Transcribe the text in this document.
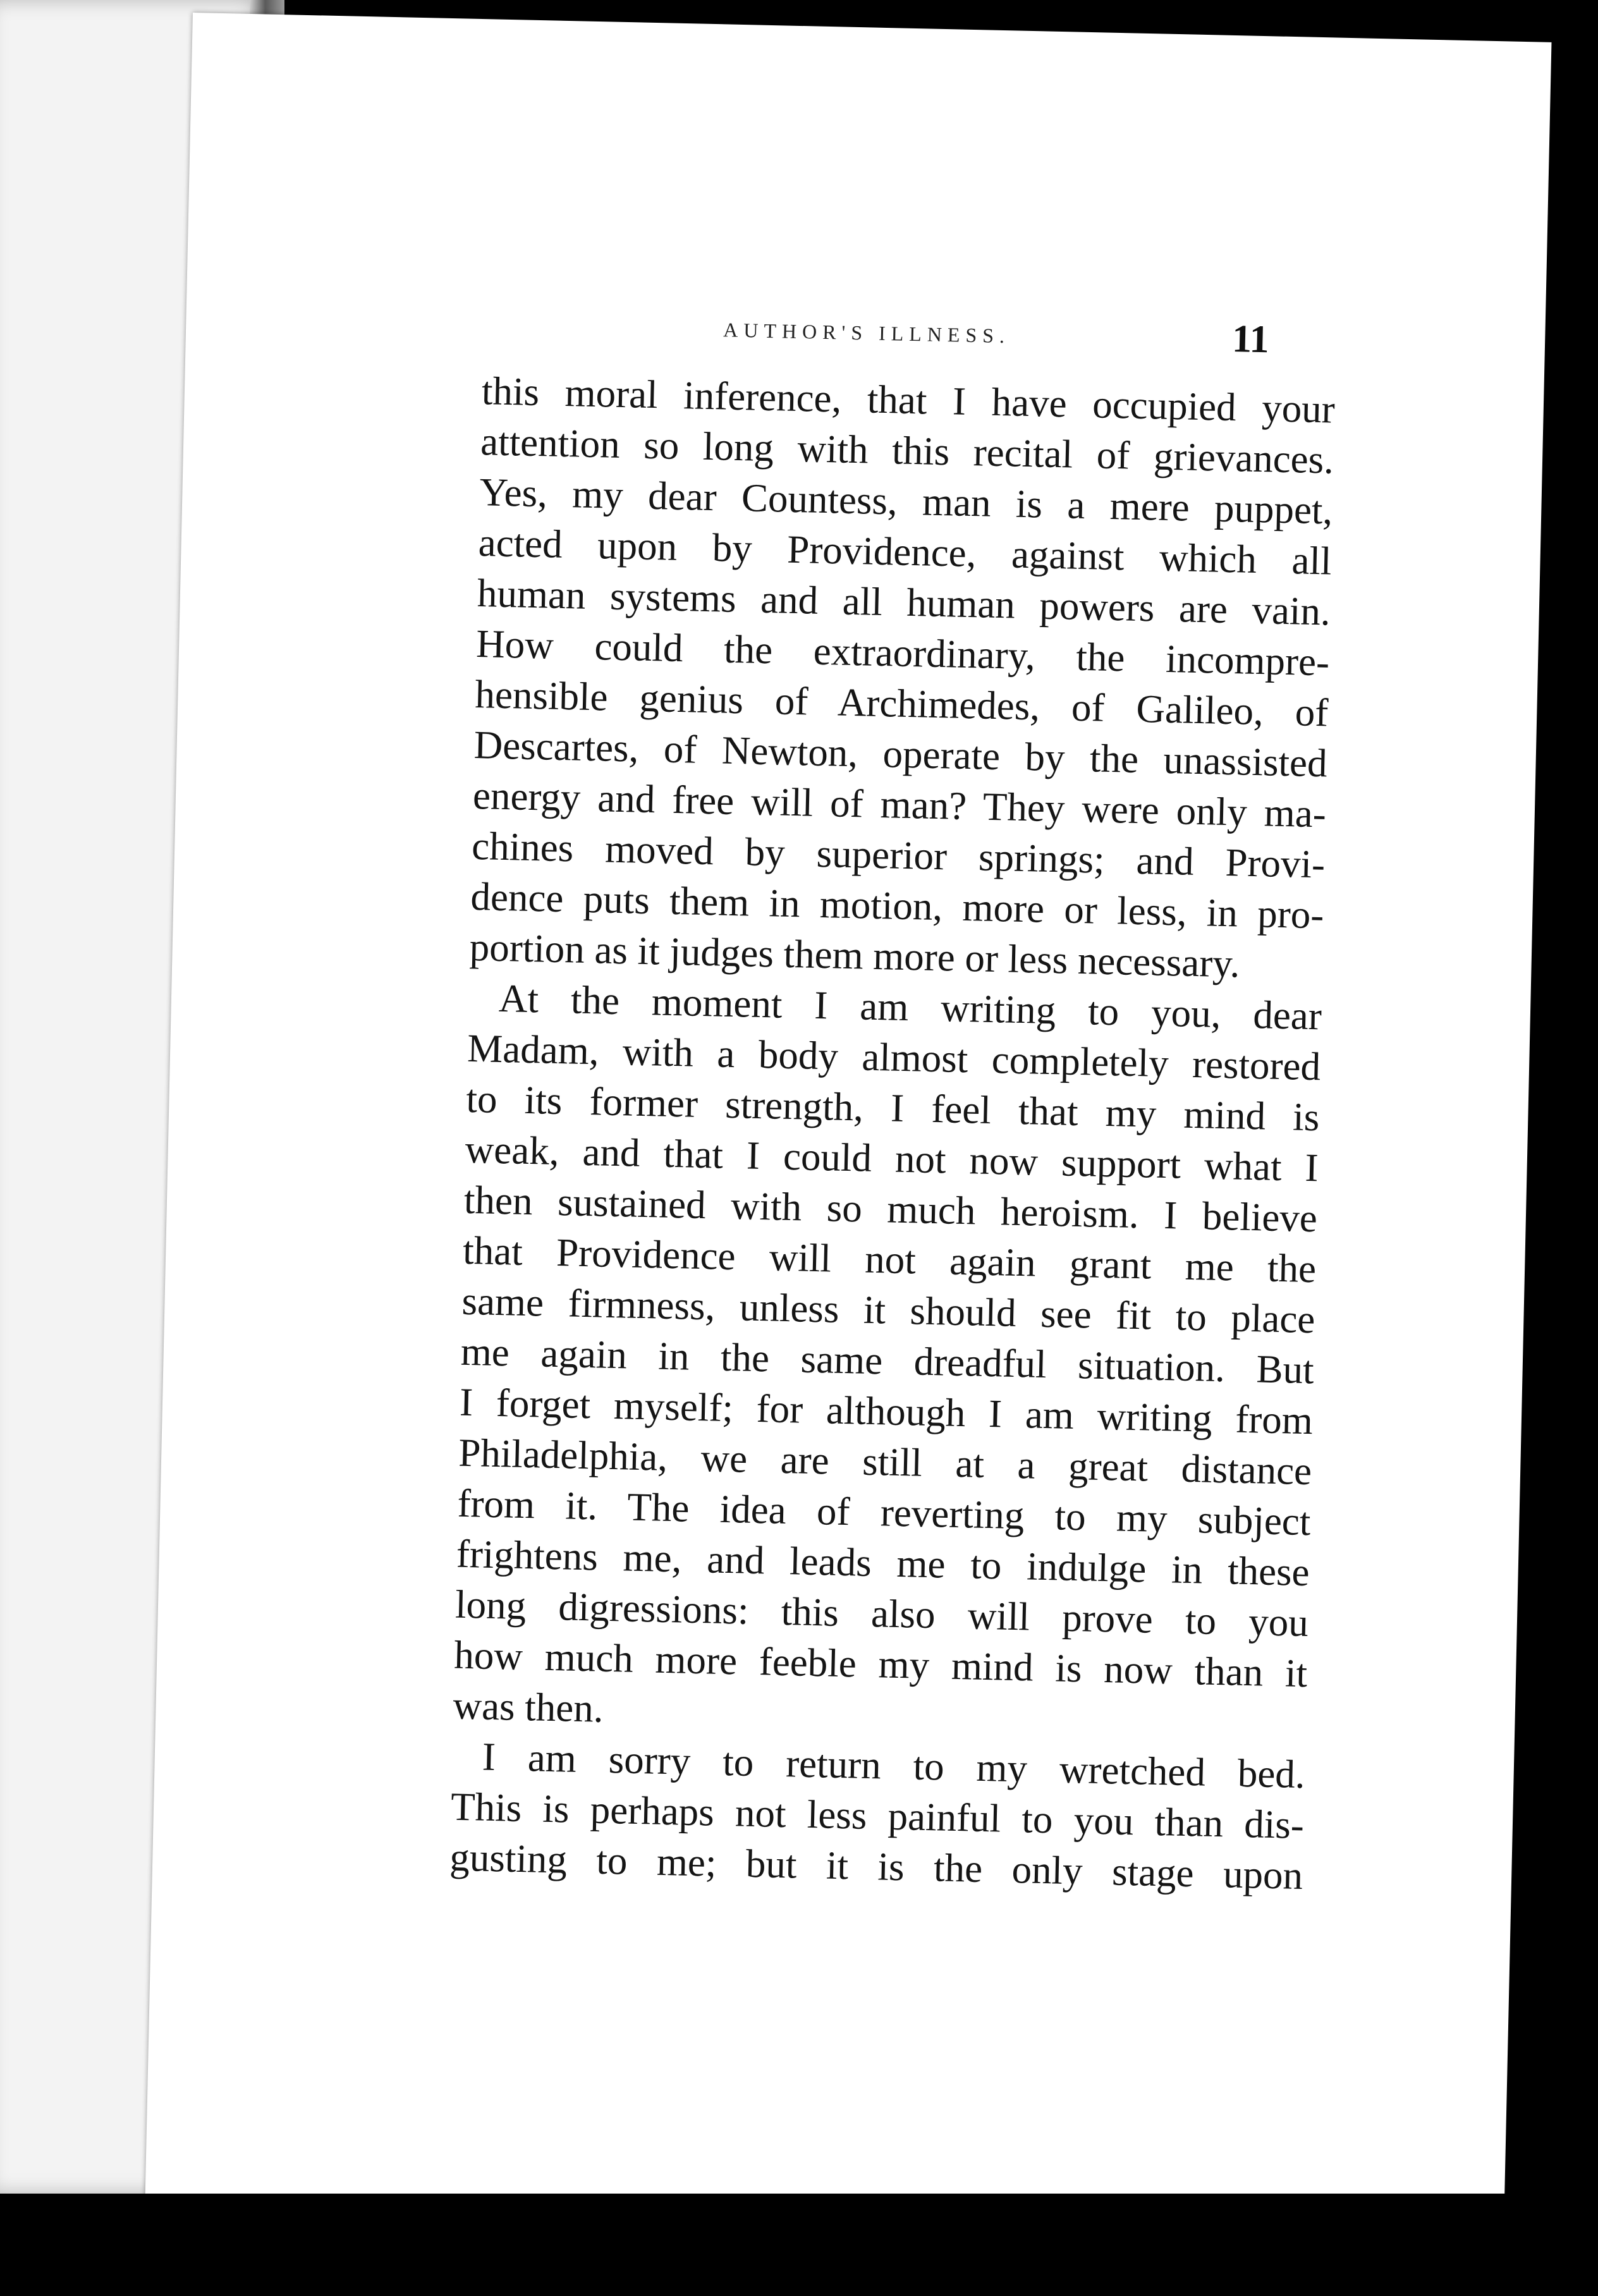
AUTHOR'S ILLNESS.	11
this moral inference, that I have occupied your
attention so long with this recital of grievances.
Yes, my dear Countess, man is a mere puppet,
acted upon by Providence, against which all
human systems and all human powers are vain.
How could the extraordinary, the incompre-
hensible genius of Archimedes, of Galileo, of
Descartes, of Newton, operate by the unassisted
energy and free will of man? They were only ma-
chines moved by superior springs; and Provi-
dence puts them in motion, more or less, in pro-
portion as it judges them more or less necessary.
At the moment I am writing to you, dear
Madam, with a body almost completely restored
to its former strength, I feel that my mind is
weak, and that I could not now support what I
then sustained with so much heroism. I believe
that Providence will not again grant me the
same firmness, unless it should see fit to place
me again in the same dreadful situation. But
I forget myself; for although I am writing from
Philadelphia, we are still at a great distance
from it. The idea of reverting to my subject
frightens me, and leads me to indulge in these
long digressions: this also will prove to you
how much more feeble my mind is now than it
was then.
I am sorry to return to my wretched bed.
This is perhaps not less painful to you than dis-
gusting to me; but it is the only stage upon
